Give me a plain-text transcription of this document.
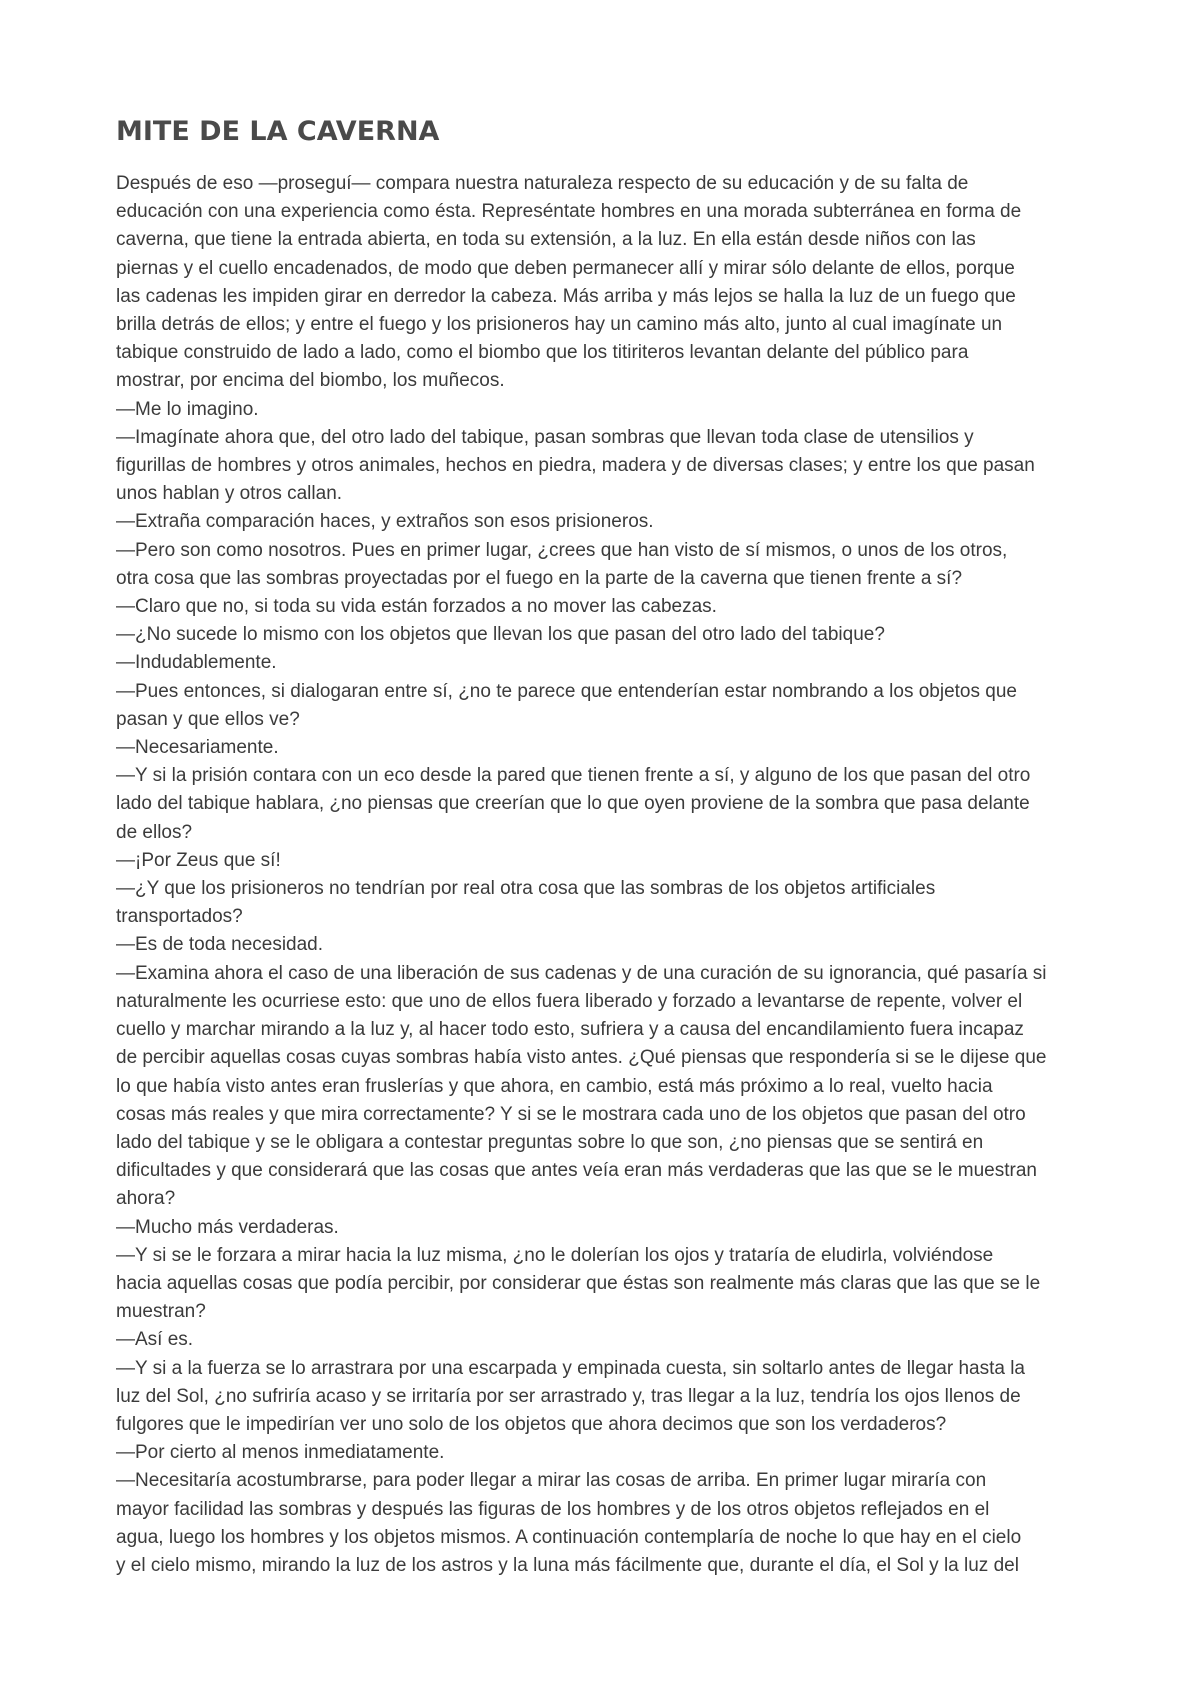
MITE DE LA CAVERNA
Después de eso —proseguí— compara nuestra naturaleza respecto de su educación y de su falta de
educación con una experiencia como ésta. Represéntate hombres en una morada subterránea en forma de
caverna, que tiene la entrada abierta, en toda su extensión, a la luz. En ella están desde niños con las
piernas y el cuello encadenados, de modo que deben permanecer allí y mirar sólo delante de ellos, porque
las cadenas les impiden girar en derredor la cabeza. Más arriba y más lejos se halla la luz de un fuego que
brilla detrás de ellos; y entre el fuego y los prisioneros hay un camino más alto, junto al cual imagínate un
tabique construido de lado a lado, como el biombo que los titiriteros levantan delante del público para
mostrar, por encima del biombo, los muñecos.
—Me lo imagino.
—Imagínate ahora que, del otro lado del tabique, pasan sombras que llevan toda clase de utensilios y
figurillas de hombres y otros animales, hechos en piedra, madera y de diversas clases; y entre los que pasan
unos hablan y otros callan.
—Extraña comparación haces, y extraños son esos prisioneros.
—Pero son como nosotros. Pues en primer lugar, ¿crees que han visto de sí mismos, o unos de los otros,
otra cosa que las sombras proyectadas por el fuego en la parte de la caverna que tienen frente a sí?
—Claro que no, si toda su vida están forzados a no mover las cabezas.
—¿No sucede lo mismo con los objetos que llevan los que pasan del otro lado del tabique?
—Indudablemente.
—Pues entonces, si dialogaran entre sí, ¿no te parece que entenderían estar nombrando a los objetos que
pasan y que ellos ve?
—Necesariamente.
—Y si la prisión contara con un eco desde la pared que tienen frente a sí, y alguno de los que pasan del otro
lado del tabique hablara, ¿no piensas que creerían que lo que oyen proviene de la sombra que pasa delante
de ellos?
—¡Por Zeus que sí!
—¿Y que los prisioneros no tendrían por real otra cosa que las sombras de los objetos artificiales
transportados?
—Es de toda necesidad.
—Examina ahora el caso de una liberación de sus cadenas y de una curación de su ignorancia, qué pasaría si
naturalmente les ocurriese esto: que uno de ellos fuera liberado y forzado a levantarse de repente, volver el
cuello y marchar mirando a la luz y, al hacer todo esto, sufriera y a causa del encandilamiento fuera incapaz
de percibir aquellas cosas cuyas sombras había visto antes. ¿Qué piensas que respondería si se le dijese que
lo que había visto antes eran fruslerías y que ahora, en cambio, está más próximo a lo real, vuelto hacia
cosas más reales y que mira correctamente? Y si se le mostrara cada uno de los objetos que pasan del otro
lado del tabique y se le obligara a contestar preguntas sobre lo que son, ¿no piensas que se sentirá en
dificultades y que considerará que las cosas que antes veía eran más verdaderas que las que se le muestran
ahora?
—Mucho más verdaderas.
—Y si se le forzara a mirar hacia la luz misma, ¿no le dolerían los ojos y trataría de eludirla, volviéndose
hacia aquellas cosas que podía percibir, por considerar que éstas son realmente más claras que las que se le
muestran?
—Así es.
—Y si a la fuerza se lo arrastrara por una escarpada y empinada cuesta, sin soltarlo antes de llegar hasta la
luz del Sol, ¿no sufriría acaso y se irritaría por ser arrastrado y, tras llegar a la luz, tendría los ojos llenos de
fulgores que le impedirían ver uno solo de los objetos que ahora decimos que son los verdaderos?
—Por cierto al menos inmediatamente.
—Necesitaría acostumbrarse, para poder llegar a mirar las cosas de arriba. En primer lugar miraría con
mayor facilidad las sombras y después las figuras de los hombres y de los otros objetos reflejados en el
agua, luego los hombres y los objetos mismos. A continuación contemplaría de noche lo que hay en el cielo
y el cielo mismo, mirando la luz de los astros y la luna más fácilmente que, durante el día, el Sol y la luz del
